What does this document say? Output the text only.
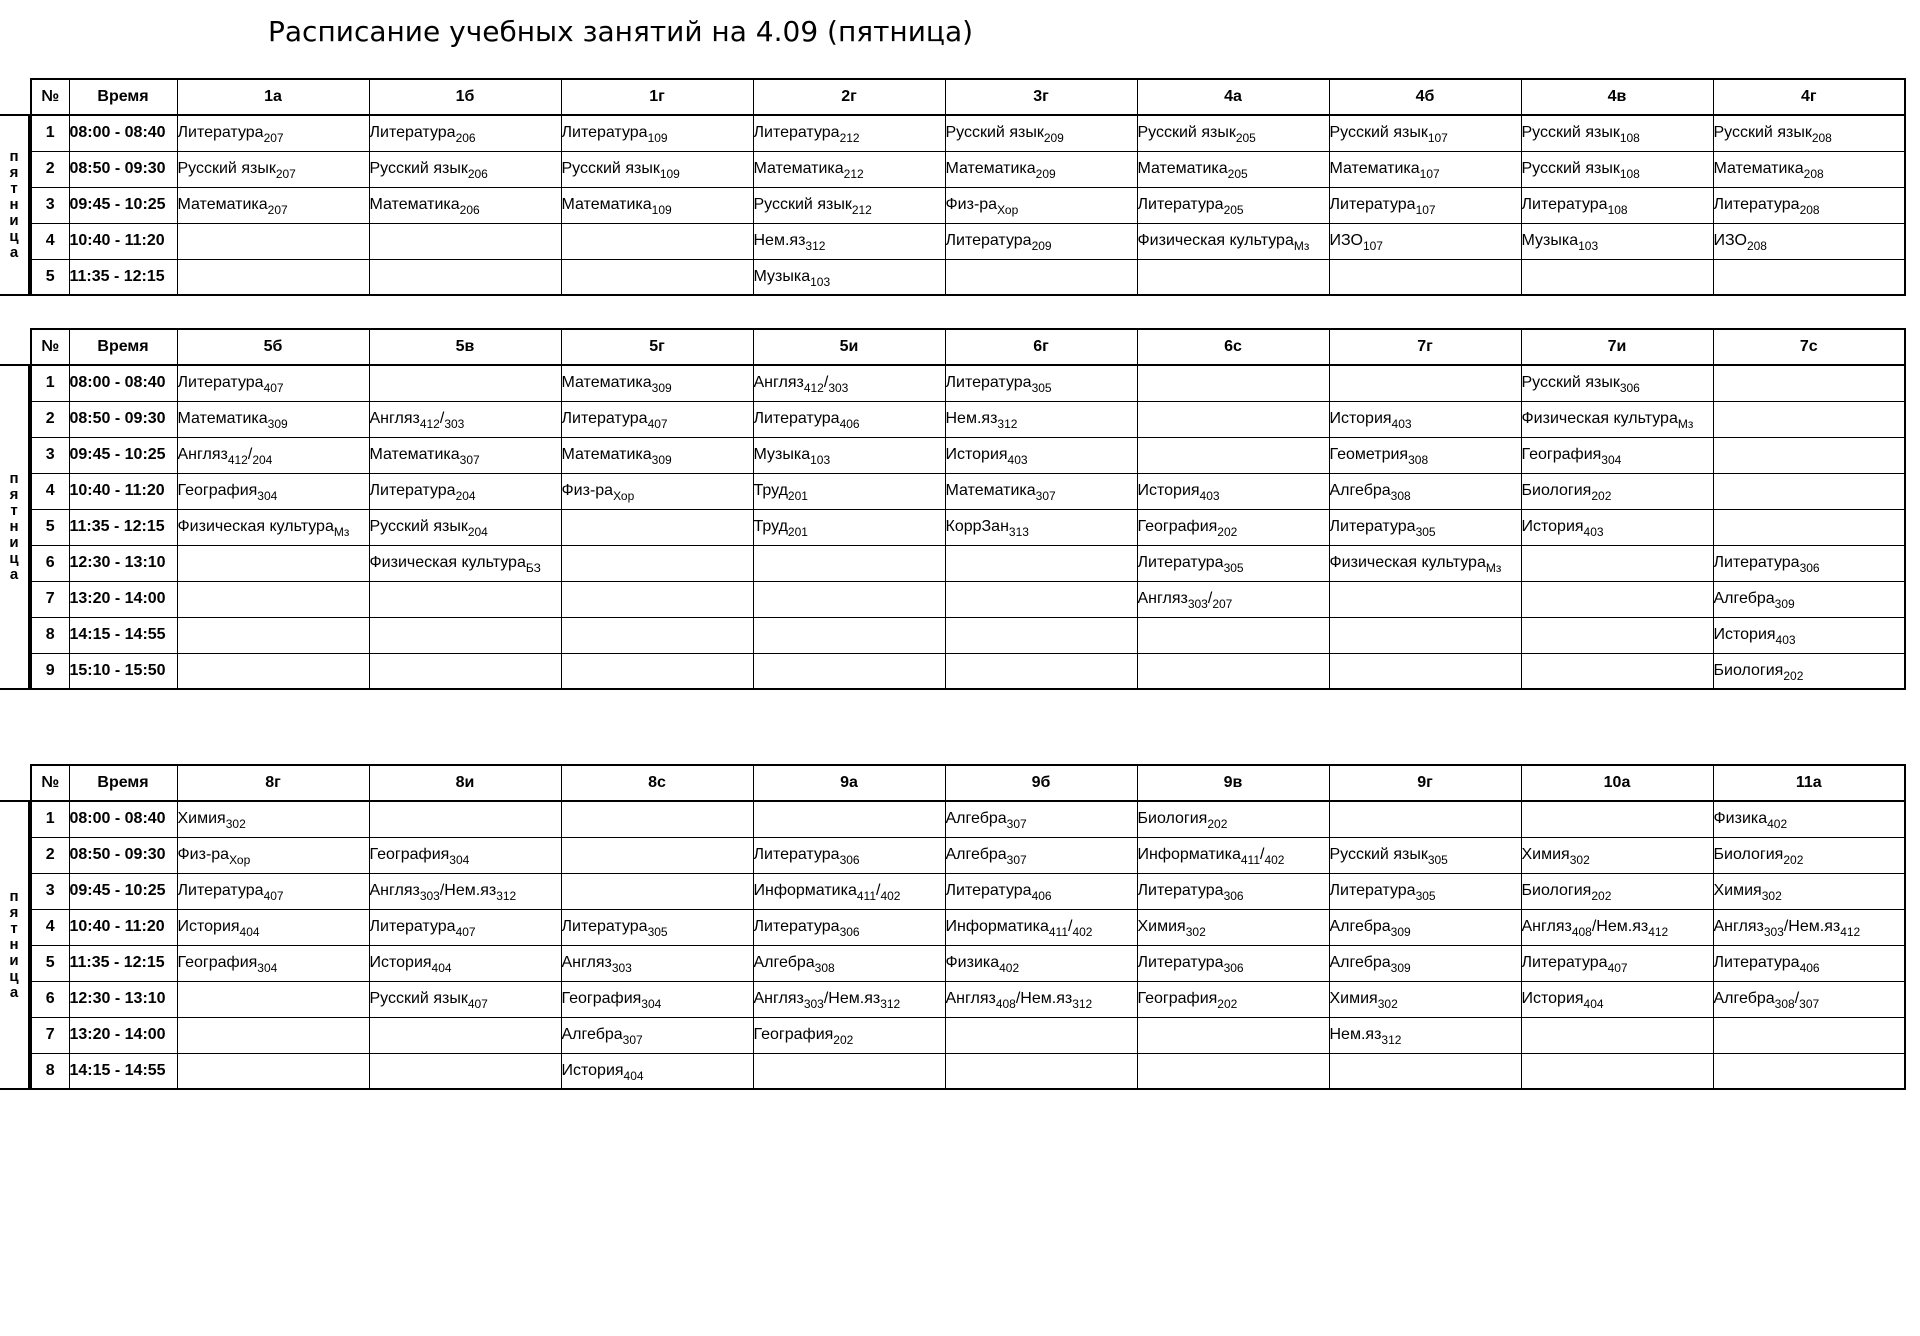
Расписание учебных занятий на 4.09 (пятница)
п
я
т
н
и
ц
а
№	Время	1а	1б	1г	2г	3г	4а	4б	4в	4г
1	08:00 - 08:40	Литература$_{207}$	Литература$_{206}$	Литература$_{109}$	Литература$_{212}$	Русский язык$_{209}$	Русский язык$_{205}$	Русский язык$_{107}$	Русский язык$_{108}$	Русский язык$_{208}$
2	08:50 - 09:30	Русский язык$_{207}$	Русский язык$_{206}$	Русский язык$_{109}$	Математика$_{212}$	Математика$_{209}$	Математика$_{205}$	Математика$_{107}$	Русский язык$_{108}$	Математика$_{208}$
3	09:45 - 10:25	Математика$_{207}$	Математика$_{206}$	Математика$_{109}$	Русский язык$_{212}$	Физ-$ра_{Хор}$	Литература$_{205}$	Литература$_{107}$	Литература$_{108}$	Литература$_{208}$
4	10:40 - 11:20				$Нем.яз_{312}$	Литература$_{209}$	Физическая культура$_{Мз}$	$ИЗО_{107}$	Музыка$_{103}$	$ИЗО_{208}$
5	11:35 - 12:15				Музыка$_{103}$					
п
я
т
н
и
ц
а
№	Время	5б	5в	5г	5и	6г	6с	7г	7и	7с
1	08:00 - 08:40	Литература$_{407}$		Математика$_{309}$	$Англяз_{412}/_{303}$	Литература$_{305}$			Русский язык$_{306}$	
2	08:50 - 09:30	Математика$_{309}$	$Англяз_{412}/_{303}$	Литература$_{407}$	Литература$_{406}$	$Нем.яз_{312}$		История$_{403}$	Физическая культура$_{Мз}$	
3	09:45 - 10:25	$Англяз_{412}/_{204}$	Математика$_{307}$	Математика$_{309}$	Музыка$_{103}$	История$_{403}$		Геометрия$_{308}$	География$_{304}$	
4	10:40 - 11:20	География$_{304}$	Литература$_{204}$	Физ-$ра_{Хор}$	Труд$_{201}$	Математика$_{307}$	История$_{403}$	Алгебра$_{308}$	Биология$_{202}$	
5	11:35 - 12:15	Физическая культура$_{Мз}$	Русский язык$_{204}$		Труд$_{201}$	КоррЗан$_{313}$	География$_{202}$	Литература$_{305}$	История$_{403}$	
6	12:30 - 13:10		Физическая культура$_{БЗ}$				Литература$_{305}$	Физическая культура$_{Мз}$		Литература$_{306}$
7	13:20 - 14:00						$Англяз_{303}/_{207}$			Алгебра$_{309}$
8	14:15 - 14:55									История$_{403}$
9	15:10 - 15:50									Биология$_{202}$
п
я
т
н
и
ц
а
№	Время	8г	8и	8с	9а	9б	9в	9г	10а	11а
1	08:00 - 08:40	Химия$_{302}$				Алгебра$_{307}$	Биология$_{202}$			Физика$_{402}$
2	08:50 - 09:30	Физ-$ра_{Хор}$	География$_{304}$		Литература$_{306}$	Алгебра$_{307}$	$Информатика_{411}/_{402}$	Русский язык$_{305}$	Химия$_{302}$	Биология$_{202}$
3	09:45 - 10:25	Литература$_{407}$	$Англяз_{303}/Нем.яз_{312}$		$Информатика_{411}/_{402}$	Литература$_{406}$	Литература$_{306}$	Литература$_{305}$	Биология$_{202}$	Химия$_{302}$
4	10:40 - 11:20	История$_{404}$	Литература$_{407}$	Литература$_{305}$	Литература$_{306}$	$Информатика_{411}/_{402}$	Химия$_{302}$	Алгебра$_{309}$	$Англяз_{408}/Нем.яз_{412}$	$Англяз_{303}/Нем.яз_{412}$
5	11:35 - 12:15	География$_{304}$	История$_{404}$	Англяз$_{303}$	Алгебра$_{308}$	Физика$_{402}$	Литература$_{306}$	Алгебра$_{309}$	Литература$_{407}$	Литература$_{406}$
6	12:30 - 13:10		Русский язык$_{407}$	География$_{304}$	$Англяз_{303}/Нем.яз_{312}$	$Англяз_{408}/Нем.яз_{312}$	География$_{202}$	Химия$_{302}$	История$_{404}$	$Алгебра_{308}/_{307}$
7	13:20 - 14:00			Алгебра$_{307}$	География$_{202}$			$Нем.яз_{312}$		
8	14:15 - 14:55			История$_{404}$						
